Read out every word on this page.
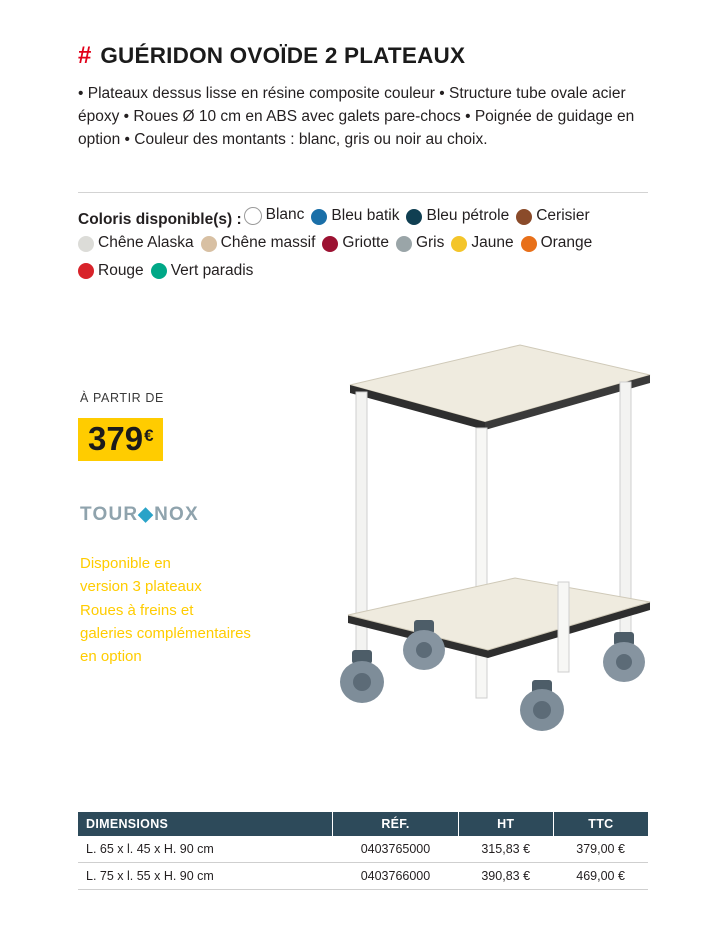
# GUÉRIDON OVOÏDE 2 PLATEAUX
• Plateaux dessus lisse en résine composite couleur • Structure tube ovale acier époxy • Roues Ø 10 cm en ABS avec galets pare-chocs • Poignée de guidage en option • Couleur des montants : blanc, gris ou noir au choix.
Coloris disponible(s) : Blanc Bleu batik Bleu pétrole Cerisier
Chêne Alaska Chêne massif Griotte Gris Jaune Orange
Rouge Vert paradis
À PARTIR DE
379 €
TOUR◆NOX
Disponible en
version 3 plateaux
Roues à freins et
galeries complémentaires
en option
DIMENSIONS	RÉF.	HT	TTC
L. 65 x l. 45 x H. 90 cm	0403765000	315,83 €	379,00 €
L. 75 x l. 55 x H. 90 cm	0403766000	390,83 €	469,00 €
